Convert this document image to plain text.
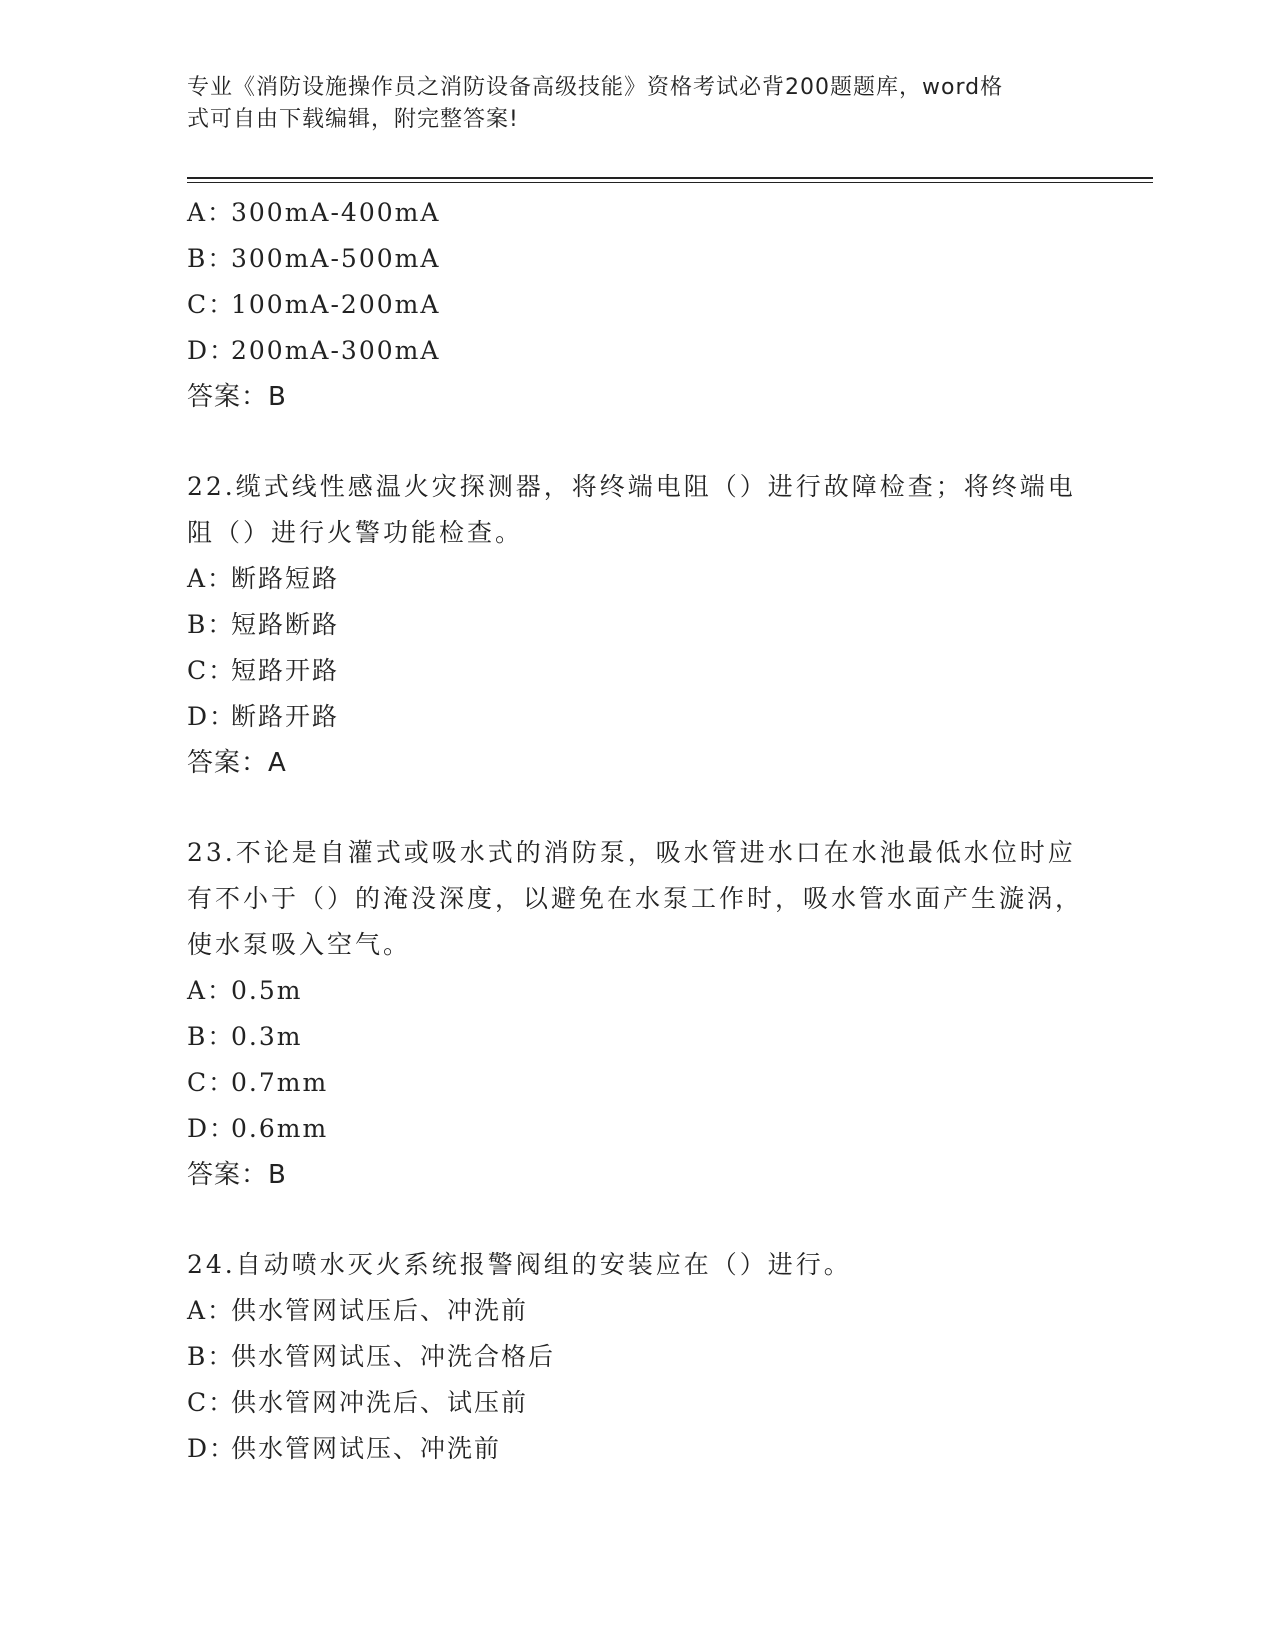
专业《消防设施操作员之消防设备高级技能》资格考试必背200题题库，word格
式可自由下载编辑，附完整答案!
A：300mA-400mA
B：300mA-500mA
C：100mA-200mA
D：200mA-300mA
答案：B
22.缆式线性感温火灾探测器，将终端电阻（）进行故障检查；将终端电阻（）进行火警功能检查。
A：断路短路
B：短路断路
C：短路开路
D：断路开路
答案：A
23.不论是自灌式或吸水式的消防泵，吸水管进水口在水池最低水位时应有不小于（）的淹没深度，以避免在水泵工作时，吸水管水面产生漩涡，使水泵吸入空气。
A：0.5m
B：0.3m
C：0.7mm
D：0.6mm
答案：B
24.自动喷水灭火系统报警阀组的安装应在（）进行。
A：供水管网试压后、冲洗前
B：供水管网试压、冲洗合格后
C：供水管网冲洗后、试压前
D：供水管网试压、冲洗前
